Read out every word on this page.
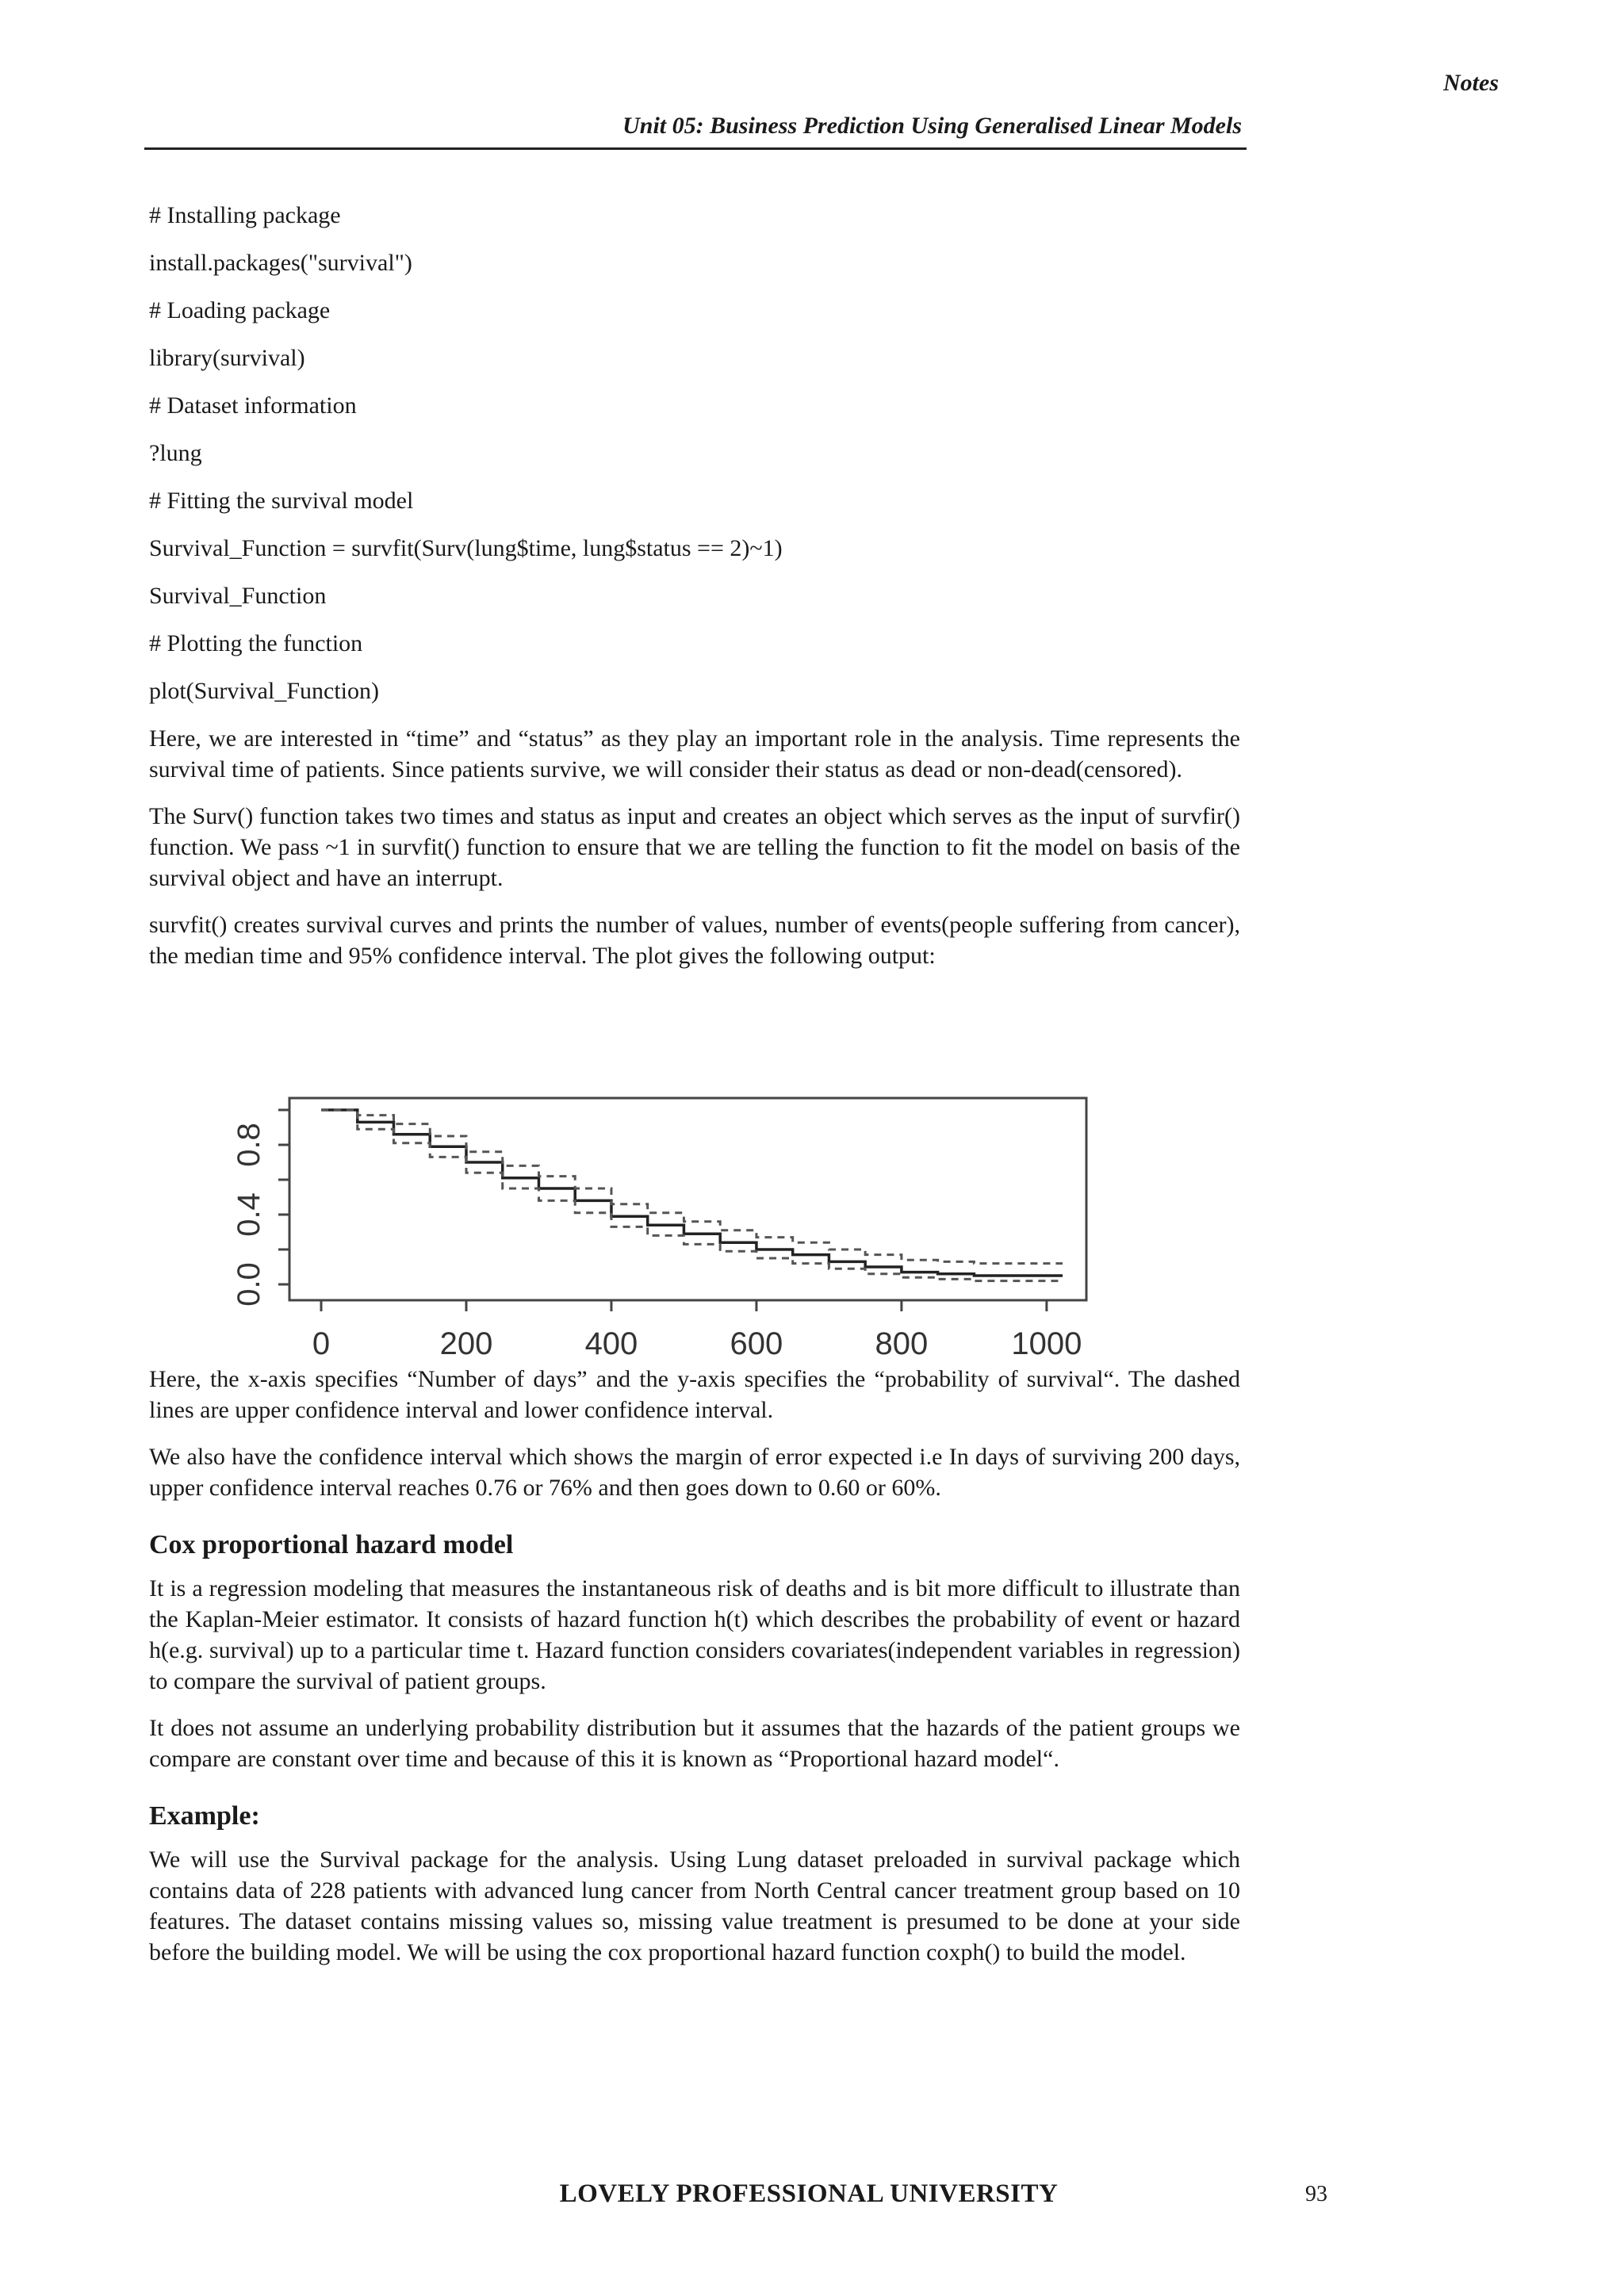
Notes
Unit 05: Business Prediction Using Generalised Linear Models
# Installing package
install.packages("survival")
# Loading package
library(survival)
# Dataset information
?lung
# Fitting the survival model
Survival_Function = survfit(Surv(lung$time, lung$status == 2)~1)
Survival_Function
# Plotting the function
plot(Survival_Function)

Here, we are interested in “time” and “status” as they play an important role in the analysis. Time represents the survival time of patients. Since patients survive, we will consider their status as dead or non-dead(censored).

The Surv() function takes two times and status as input and creates an object which serves as the input of survfir() function. We pass ~1 in survfit() function to ensure that we are telling the function to fit the model on basis of the survival object and have an interrupt.

survfit() creates survival curves and prints the number of values, number of events(people suffering from cancer), the median time and 95% confidence interval. The plot gives the following output:

Here, the x-axis specifies “Number of days” and the y-axis specifies the “probability of survival“. The dashed lines are upper confidence interval and lower confidence interval.

We also have the confidence interval which shows the margin of error expected i.e In days of surviving 200 days, upper confidence interval reaches 0.76 or 76% and then goes down to 0.60 or 60%.

Cox proportional hazard model

It is a regression modeling that measures the instantaneous risk of deaths and is bit more difficult to illustrate than the Kaplan-Meier estimator. It consists of hazard function h(t) which describes the probability of event or hazard h(e.g. survival) up to a particular time t. Hazard function considers covariates(independent variables in regression) to compare the survival of patient groups.

It does not assume an underlying probability distribution but it assumes that the hazards of the patient groups we compare are constant over time and because of this it is known as “Proportional hazard model“.

Example:

We will use the Survival package for the analysis. Using Lung dataset preloaded in survival package which contains data of 228 patients with advanced lung cancer from North Central cancer treatment group based on 10 features. The dataset contains missing values so, missing value treatment is presumed to be done at your side before the building model. We will be using the cox proportional hazard function coxph() to build the model.

0	200	400	600	800	1000
0.0
0.4
0.8
LOVELY PROFESSIONAL UNIVERSITY	93
